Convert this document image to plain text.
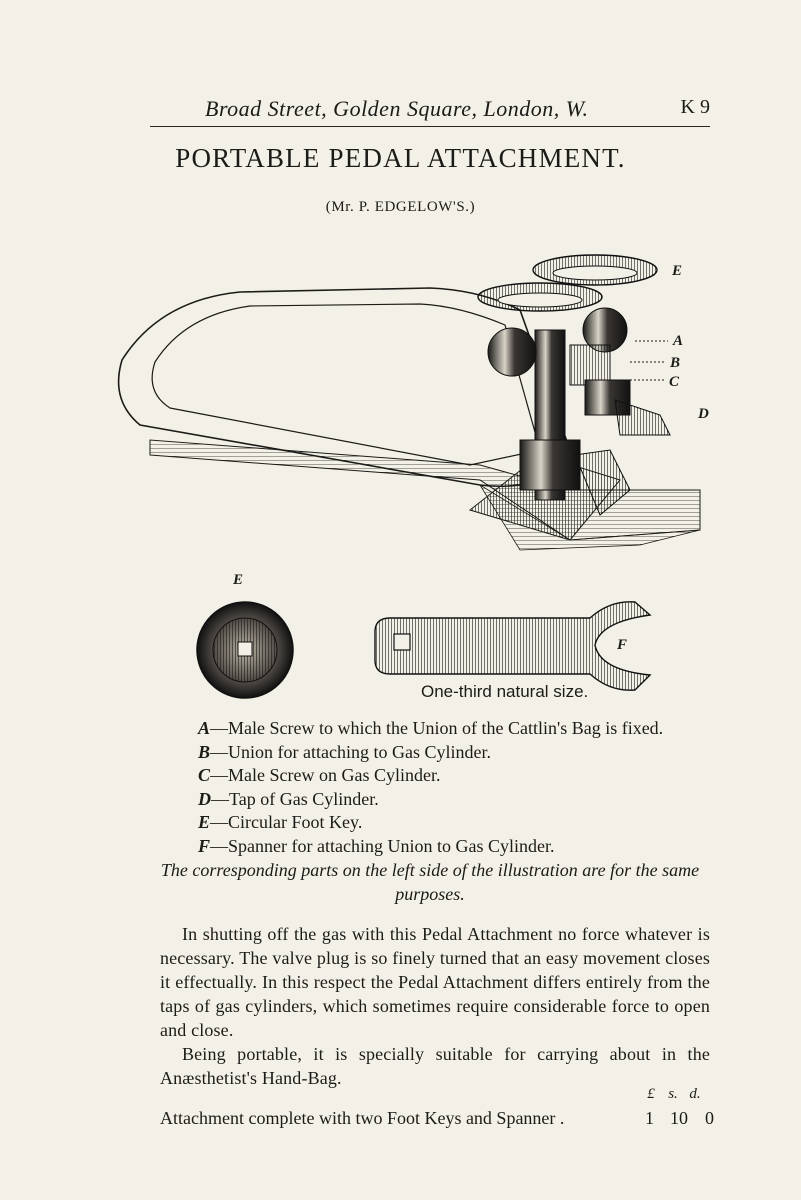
Broad Street, Golden Square, London, W.	K 9
PORTABLE PEDAL ATTACHMENT.
(Mr. P. EDGELOW'S.)
A
B
C
D
E
E
F
One-third natural size.
A—Male Screw to which the Union of the Cattlin's Bag is fixed.
B—Union for attaching to Gas Cylinder.
C—Male Screw on Gas Cylinder.
D—Tap of Gas Cylinder.
E—Circular Foot Key.
F—Spanner for attaching Union to Gas Cylinder.
The corresponding parts on the left side of the illustration are for the same purposes.

In shutting off the gas with this Pedal Attachment no force whatever is necessary. The valve plug is so finely turned that an easy movement closes it effectually. In this respect the Pedal Attachment differs entirely from the taps of gas cylinders, which sometimes require considerable force to open and close.

Being portable, it is specially suitable for carrying about in the Anæsthetist's Hand-Bag.

£ s. d.
Attachment complete with two Foot Keys and Spanner .	1 10 0
